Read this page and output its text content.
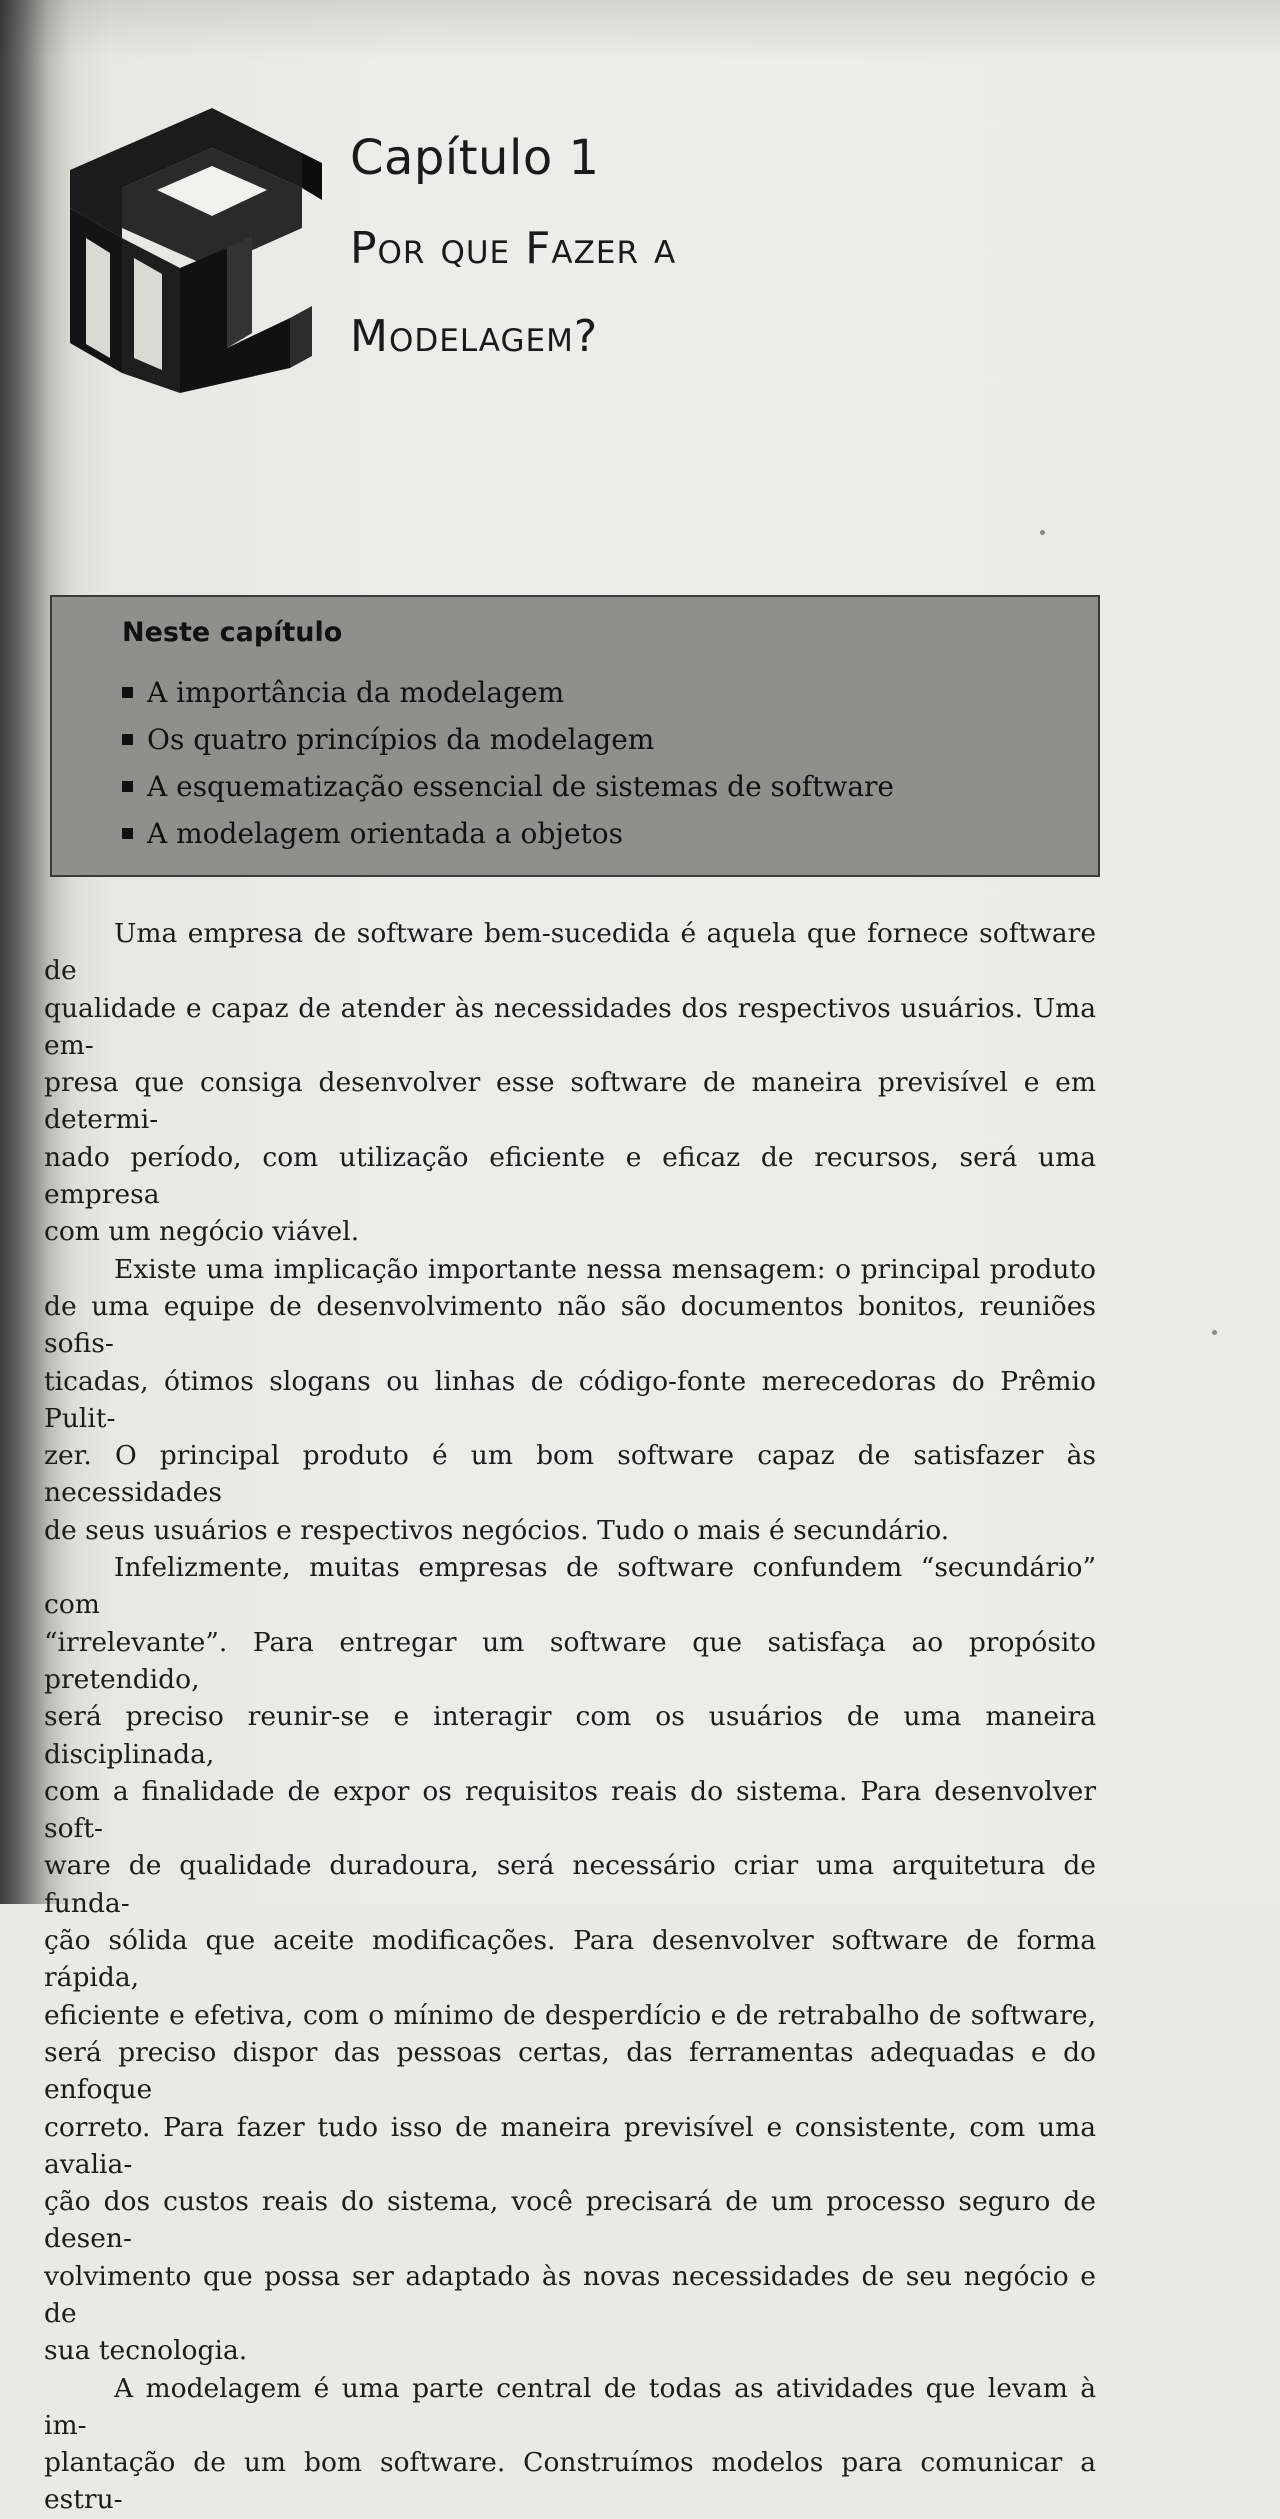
Capítulo 1
Por que Fazer a
Modelagem?
Neste capítulo
A importância da modelagem
Os quatro princípios da modelagem
A esquematização essencial de sistemas de software
A modelagem orientada a objetos

Uma empresa de software bem-sucedida é aquela que fornece software de
qualidade e capaz de atender às necessidades dos respectivos usuários. Uma em-
presa que consiga desenvolver esse software de maneira previsível e em determi-
nado período, com utilização eficiente e eficaz de recursos, será uma empresa
com um negócio viável.

Existe uma implicação importante nessa mensagem: o principal produto
de uma equipe de desenvolvimento não são documentos bonitos, reuniões sofis-
ticadas, ótimos slogans ou linhas de código-fonte merecedoras do Prêmio Pulit-
zer. O principal produto é um bom software capaz de satisfazer às necessidades
de seus usuários e respectivos negócios. Tudo o mais é secundário.

Infelizmente, muitas empresas de software confundem “secundário” com
“irrelevante”. Para entregar um software que satisfaça ao propósito pretendido,
será preciso reunir-se e interagir com os usuários de uma maneira disciplinada,
com a finalidade de expor os requisitos reais do sistema. Para desenvolver soft-
ware de qualidade duradoura, será necessário criar uma arquitetura de funda-
ção sólida que aceite modificações. Para desenvolver software de forma rápida,
eficiente e efetiva, com o mínimo de desperdício e de retrabalho de software,
será preciso dispor das pessoas certas, das ferramentas adequadas e do enfoque
correto. Para fazer tudo isso de maneira previsível e consistente, com uma avalia-
ção dos custos reais do sistema, você precisará de um processo seguro de desen-
volvimento que possa ser adaptado às novas necessidades de seu negócio e de
sua tecnologia.

A modelagem é uma parte central de todas as atividades que levam à im-
plantação de um bom software. Construímos modelos para comunicar a estru-
